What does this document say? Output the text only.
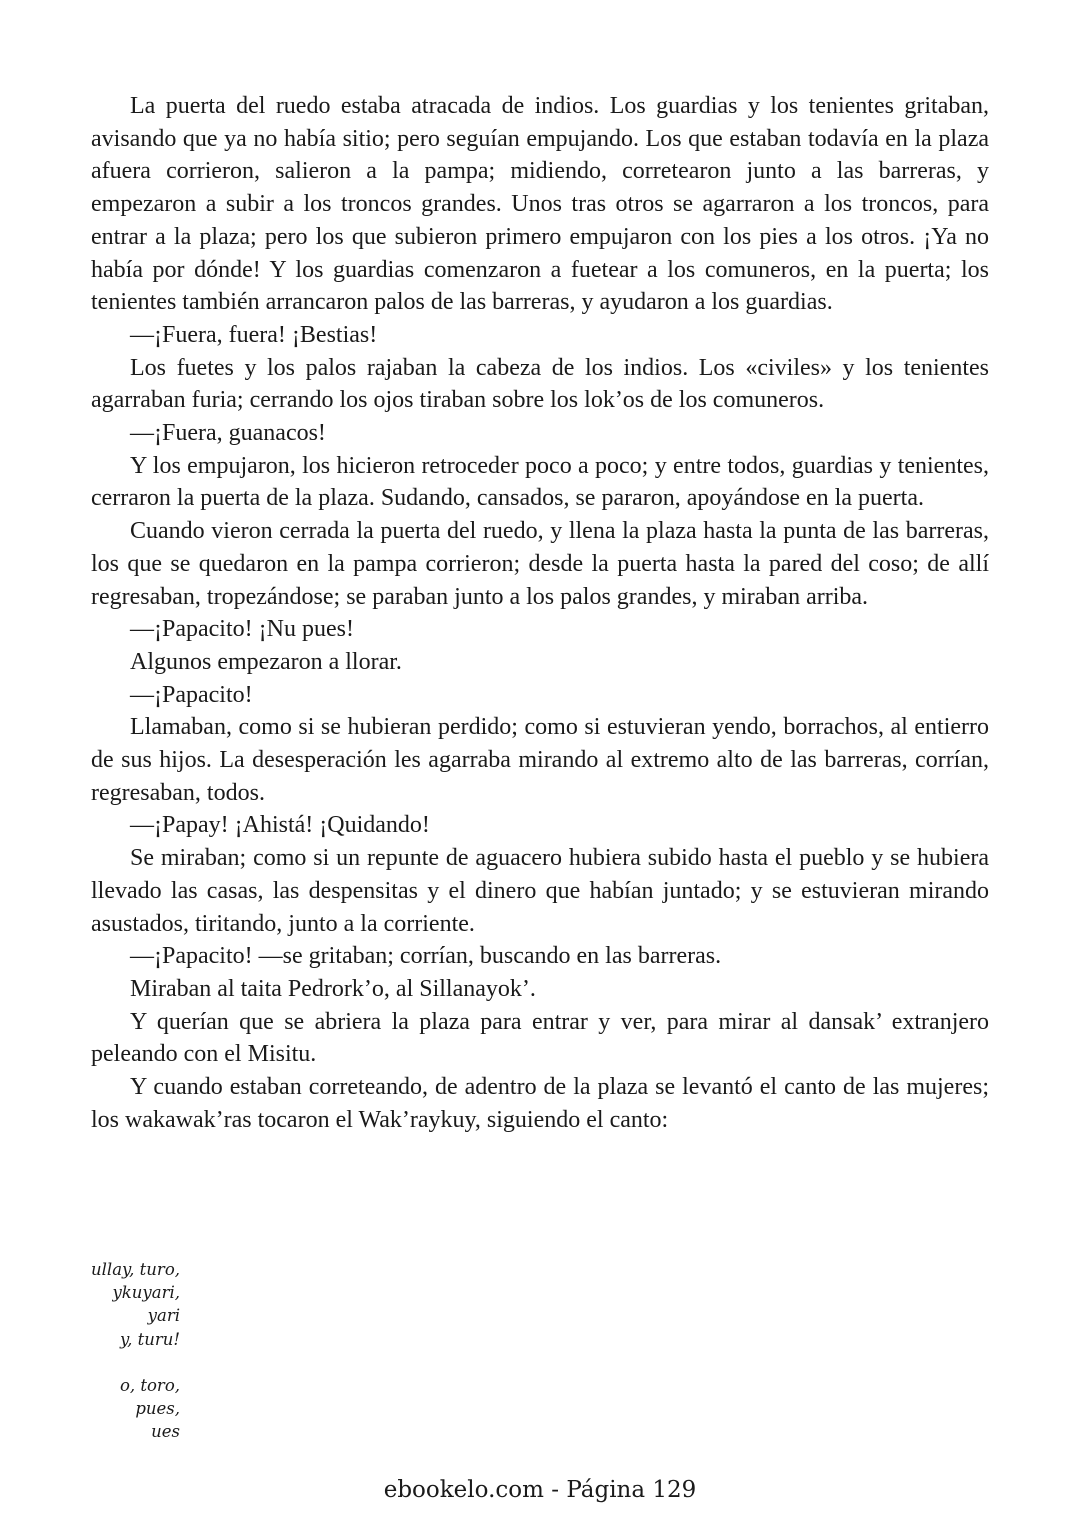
La puerta del ruedo estaba atracada de indios. Los guardias y los tenientes gritaban, avisando que ya no había sitio; pero seguían empujando. Los que estaban todavía en la plaza afuera corrieron, salieron a la pampa; midiendo, corretearon junto a las barreras, y empezaron a subir a los troncos grandes. Unos tras otros se agarraron a los troncos, para entrar a la plaza; pero los que subieron primero empujaron con los pies a los otros. ¡Ya no había por dónde! Y los guardias comenzaron a fuetear a los comuneros, en la puerta; los tenientes también arrancaron palos de las barreras, y ayudaron a los guardias.

—¡Fuera, fuera! ¡Bestias!

Los fuetes y los palos rajaban la cabeza de los indios. Los «civiles» y los tenientes agarraban furia; cerrando los ojos tiraban sobre los lok’os de los comuneros.

—¡Fuera, guanacos!

Y los empujaron, los hicieron retroceder poco a poco; y entre todos, guardias y tenientes, cerraron la puerta de la plaza. Sudando, cansados, se pararon, apoyándose en la puerta.

Cuando vieron cerrada la puerta del ruedo, y llena la plaza hasta la punta de las barreras, los que se quedaron en la pampa corrieron; desde la puerta hasta la pared del coso; de allí regresaban, tropezándose; se paraban junto a los palos grandes, y miraban arriba.

—¡Papacito! ¡Nu pues!

Algunos empezaron a llorar.

—¡Papacito!

Llamaban, como si se hubieran perdido; como si estuvieran yendo, borrachos, al entierro de sus hijos. La desesperación les agarraba mirando al extremo alto de las barreras, corrían, regresaban, todos.

—¡Papay! ¡Ahistá! ¡Quidando!

Se miraban; como si un repunte de aguacero hubiera subido hasta el pueblo y se hubiera llevado las casas, las despensitas y el dinero que habían juntado; y se estuvieran mirando asustados, tiritando, junto a la corriente.

—¡Papacito! —se gritaban; corrían, buscando en las barreras.

Miraban al taita Pedrork’o, al Sillanayok’.

Y querían que se abriera la plaza para entrar y ver, para mirar al dansak’ extranjero peleando con el Misitu.

Y cuando estaban correteando, de adentro de la plaza se levantó el canto de las mujeres; los wakawak’ras tocaron el Wak’raykuy, siguiendo el canto:

ullay, turo,
ykuyari,
yari
y, turu!
o, toro,
pues,
ues
ebookelo.com - Página 129
